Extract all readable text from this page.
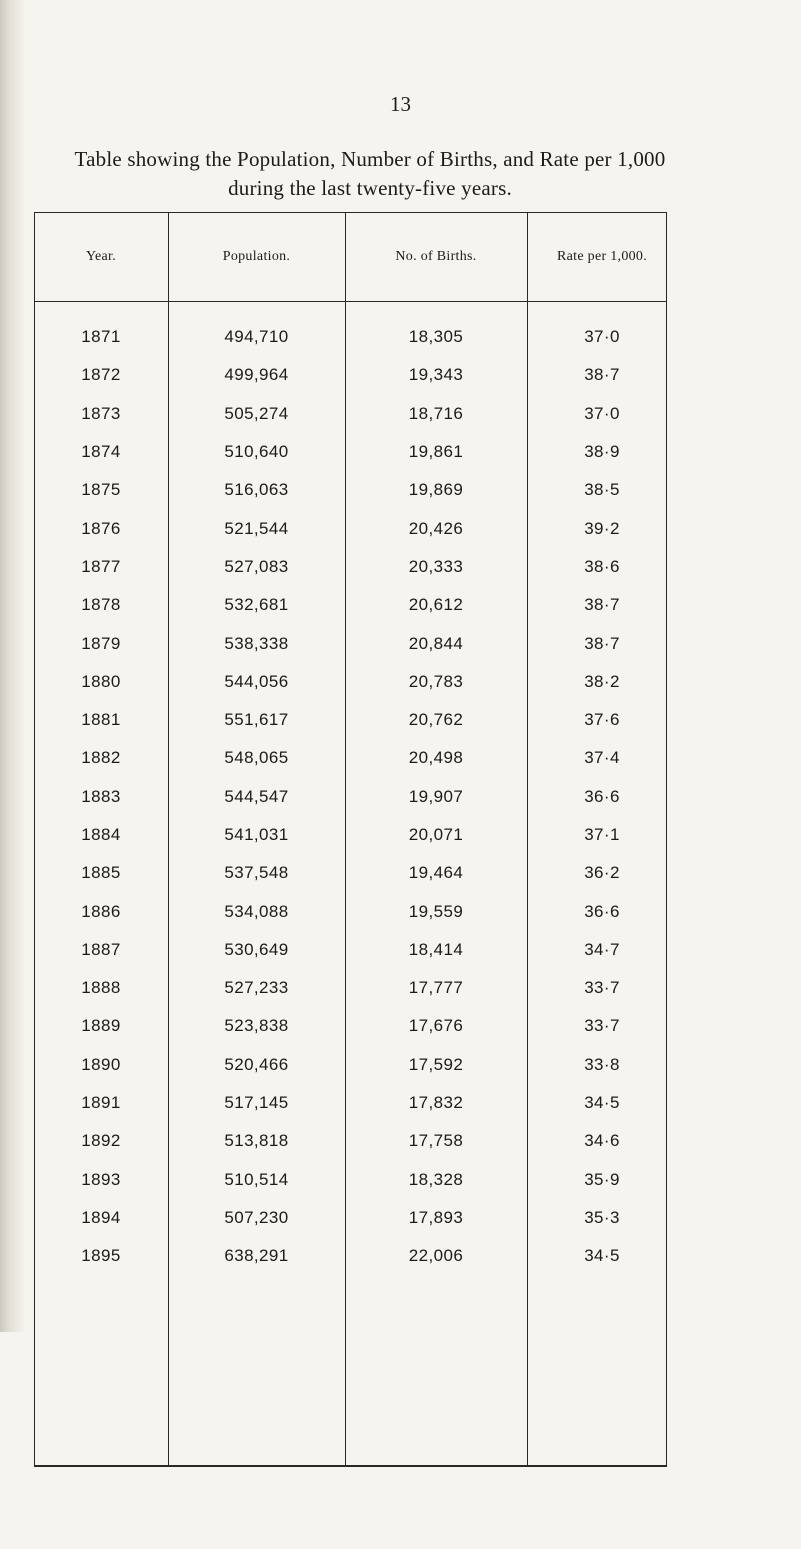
13
Table showing the Population, Number of Births, and Rate per 1,000
during the last twenty-five years.
Year.	Population.	No. of Births.	Rate per 1,000.
1871	494,710	18,305	37·0
1872	499,964	19,343	38·7
1873	505,274	18,716	37·0
1874	510,640	19,861	38·9
1875	516,063	19,869	38·5
1876	521,544	20,426	39·2
1877	527,083	20,333	38·6
1878	532,681	20,612	38·7
1879	538,338	20,844	38·7
1880	544,056	20,783	38·2
1881	551,617	20,762	37·6
1882	548,065	20,498	37·4
1883	544,547	19,907	36·6
1884	541,031	20,071	37·1
1885	537,548	19,464	36·2
1886	534,088	19,559	36·6
1887	530,649	18,414	34·7
1888	527,233	17,777	33·7
1889	523,838	17,676	33·7
1890	520,466	17,592	33·8
1891	517,145	17,832	34·5
1892	513,818	17,758	34·6
1893	510,514	18,328	35·9
1894	507,230	17,893	35·3
1895	638,291	22,006	34·5
